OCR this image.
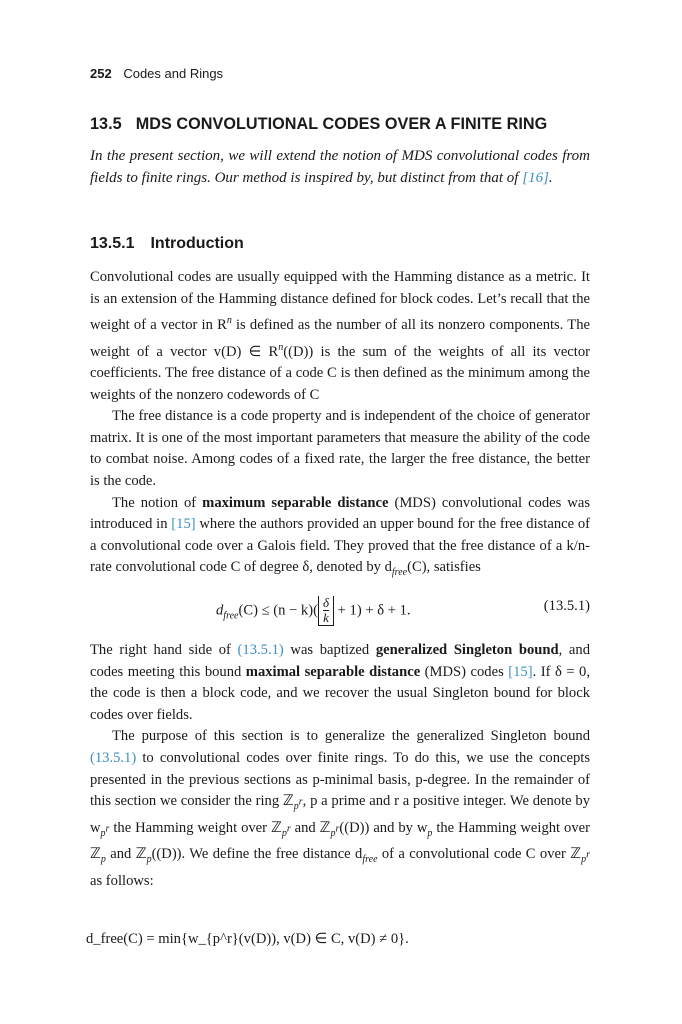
252 Codes and Rings
13.5 MDS CONVOLUTIONAL CODES OVER A FINITE RING
In the present section, we will extend the notion of MDS convolutional codes from fields to finite rings. Our method is inspired by, but distinct from that of [16].
13.5.1 Introduction

Convolutional codes are usually equipped with the Hamming distance as a metric. It is an extension of the Hamming distance defined for block codes. Let’s recall that the weight of a vector in $R^n$ is defined as the number of all its nonzero components. The weight of a vector v(D) ∈ $R^n((D))$ is the sum of the weights of all its vector coefficients. The free distance of a code C is then defined as the minimum among the weights of the nonzero codewords of C

The free distance is a code property and is independent of the choice of generator matrix. It is one of the most important parameters that measure the ability of the code to combat noise. Among codes of a fixed rate, the larger the free distance, the better is the code.

The notion of maximum separable distance (MDS) convolutional codes was introduced in [15] where the authors provided an upper bound for the free distance of a convolutional code over a Galois field. They proved that the free distance of a k/n-rate convolutional code C of degree δ, denoted by $d_{free}(C)$, satisfies

$d_{free}(C) \le (n - k)( \frac{\delta}{k} + 1) + \delta + 1$.	(13.5.1)

The right hand side of (13.5.1) was baptized generalized Singleton bound, and codes meeting this bound maximal separable distance (MDS) codes [15]. If δ = 0, the code is then a block code, and we recover the usual Singleton bound for block codes over fields.

The purpose of this section is to generalize the generalized Singleton bound (13.5.1) to convolutional codes over finite rings. To do this, we use the concepts presented in the previous sections as p-minimal basis, p-degree. In the remainder of this section we consider the ring ℤ$_{p^r}$, p a prime and r a positive integer. We denote by $w_{p^r}$ the Hamming weight over ℤ$_{p^r}$ and ℤ$_{p^r}$((D)) and by $w_p$ the Hamming weight over ℤ$_p$ and ℤ$_p$((D)). We define the free distance $d_{free}$ of a convolutional code C over ℤ$_{p^r}$ as follows:

d_free(C) = min{w_{p^r}(v(D)), v(D) ∈ C, v(D) ≠ 0}.
